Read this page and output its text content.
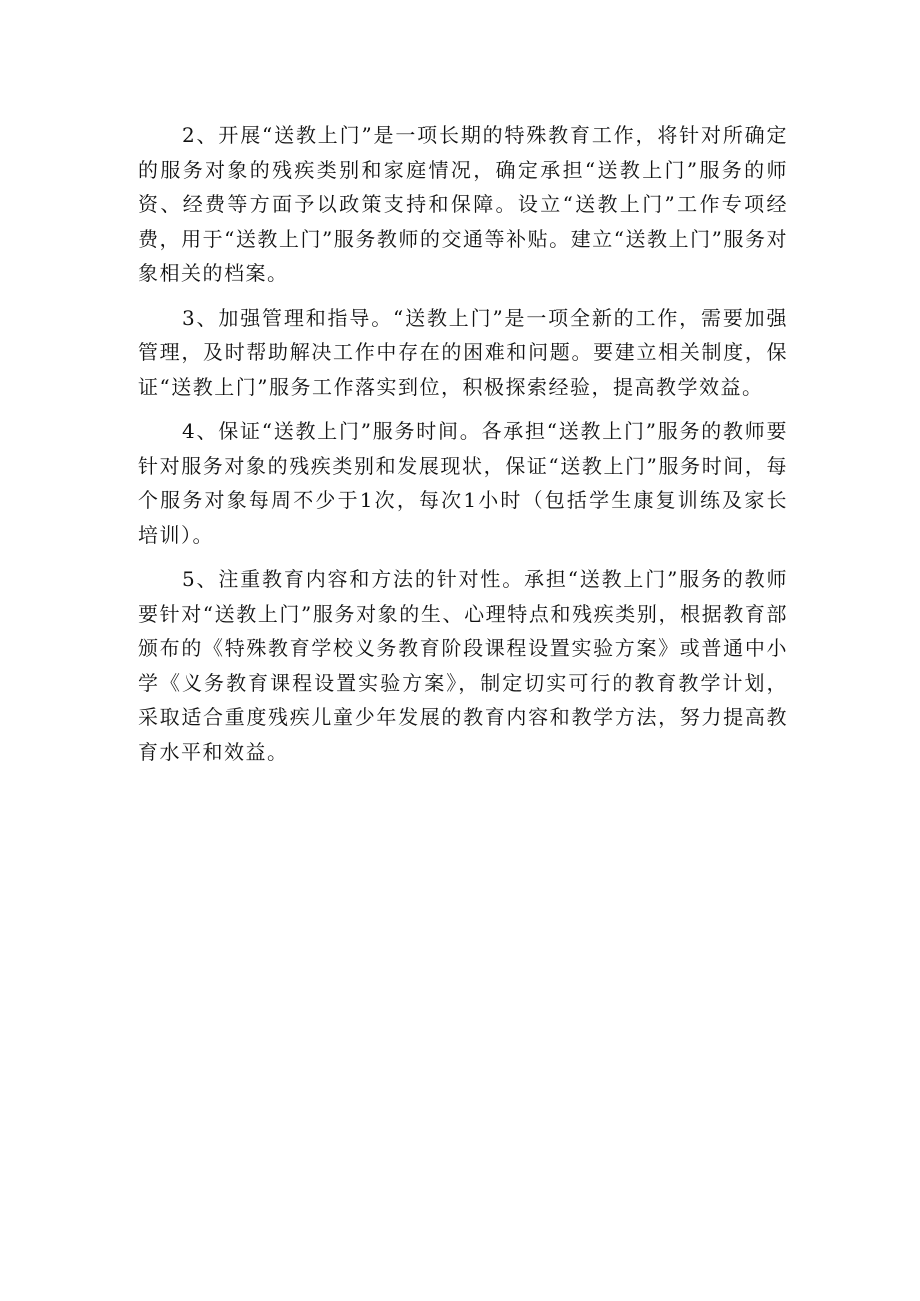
2、开展“送教上门”是一项长期的特殊教育工作，将针对所确定的服务对象的残疾类别和家庭情况，确定承担“送教上门”服务的师资、经费等方面予以政策支持和保障。设立“送教上门”工作专项经费，用于“送教上门”服务教师的交通等补贴。建立“送教上门”服务对象相关的档案。

3、加强管理和指导。“送教上门”是一项全新的工作，需要加强管理，及时帮助解决工作中存在的困难和问题。要建立相关制度，保证“送教上门”服务工作落实到位，积极探索经验，提高教学效益。

4、保证“送教上门”服务时间。各承担“送教上门”服务的教师要针对服务对象的残疾类别和发展现状，保证“送教上门”服务时间，每个服务对象每周不少于1次，每次1小时（包括学生康复训练及家长培训）。

5、注重教育内容和方法的针对性。承担“送教上门”服务的教师要针对“送教上门”服务对象的生、心理特点和残疾类别，根据教育部颁布的《特殊教育学校义务教育阶段课程设置实验方案》或普通中小学《义务教育课程设置实验方案》，制定切实可行的教育教学计划，采取适合重度残疾儿童少年发展的教育内容和教学方法，努力提高教育水平和效益。
